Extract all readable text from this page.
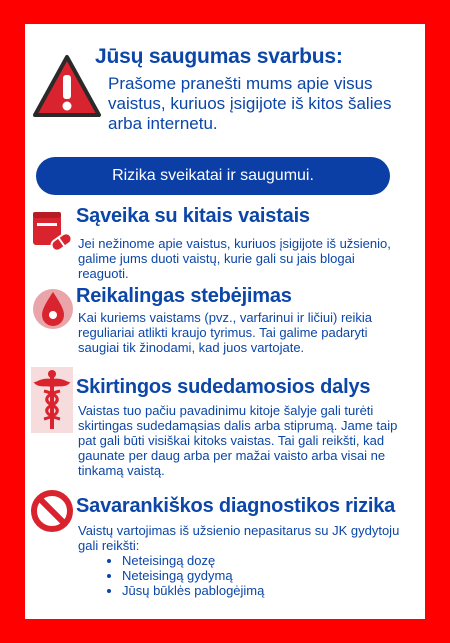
Jūsų saugumas svarbus:
Prašome pranešti mums apie visus vaistus, kuriuos įsigijote iš kitos šalies arba internetu.
Rizika sveikatai ir saugumui.
Sąveika su kitais vaistais
Jei nežinome apie vaistus, kuriuos įsigijote iš užsienio, galime jums duoti vaistų, kurie gali su jais blogai reaguoti.
Reikalingas stebėjimas
Kai kuriems vaistams (pvz., varfarinui ir ličiui) reikia reguliariai atlikti kraujo tyrimus. Tai galime padaryti saugiai tik žinodami, kad juos vartojate.
Skirtingos sudedamosios dalys
Vaistas tuo pačiu pavadinimu kitoje šalyje gali turėti skirtingas sudedamąsias dalis arba stiprumą. Jame taip pat gali būti visiškai kitoks vaistas. Tai gali reikšti, kad gaunate per daug arba per mažai vaisto arba visai ne tinkamą vaistą.
Savarankiškos diagnostikos rizika
Vaistų vartojimas iš užsienio nepasitarus su JK gydytoju gali reikšti:
• Neteisingą dozę
• Neteisingą gydymą
• Jūsų būklės pablogėjimą
